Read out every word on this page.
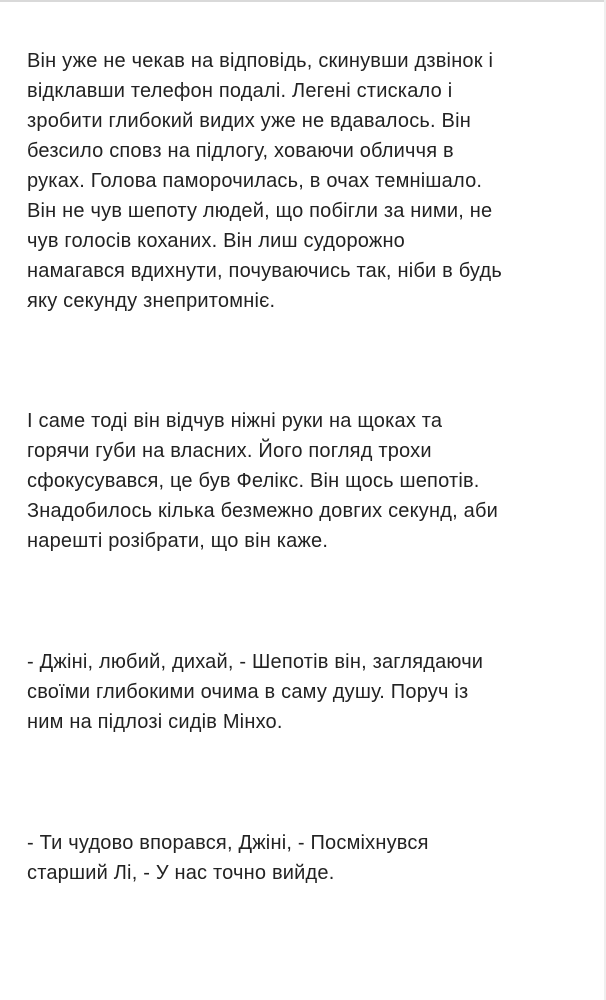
Він уже не чекав на відповідь, скинувши дзвінок і
відклавши телефон подалі. Легені стискало і
зробити глибокий видих уже не вдавалось. Він
безсило сповз на підлогу, ховаючи обличчя в
руках. Голова паморочилась, в очах темнішало.
Він не чув шепоту людей, що побігли за ними, не
чув голосів коханих. Він лиш судорожно
намагався вдихнути, почуваючись так, ніби в будь
яку секунду знепритомніє.

І саме тоді він відчув ніжні руки на щоках та
горячи губи на власних. Його погляд трохи
сфокусувався, це був Фелікс. Він щось шепотів.
Знадобилось кілька безмежно довгих секунд, аби
нарешті розібрати, що він каже.

- Джіні, любий, дихай, - Шепотів він, заглядаючи
своїми глибокими очима в саму душу. Поруч із
ним на підлозі сидів Мінхо.

- Ти чудово впорався, Джіні, - Посміхнувся
старший Лі, - У нас точно вийде.
